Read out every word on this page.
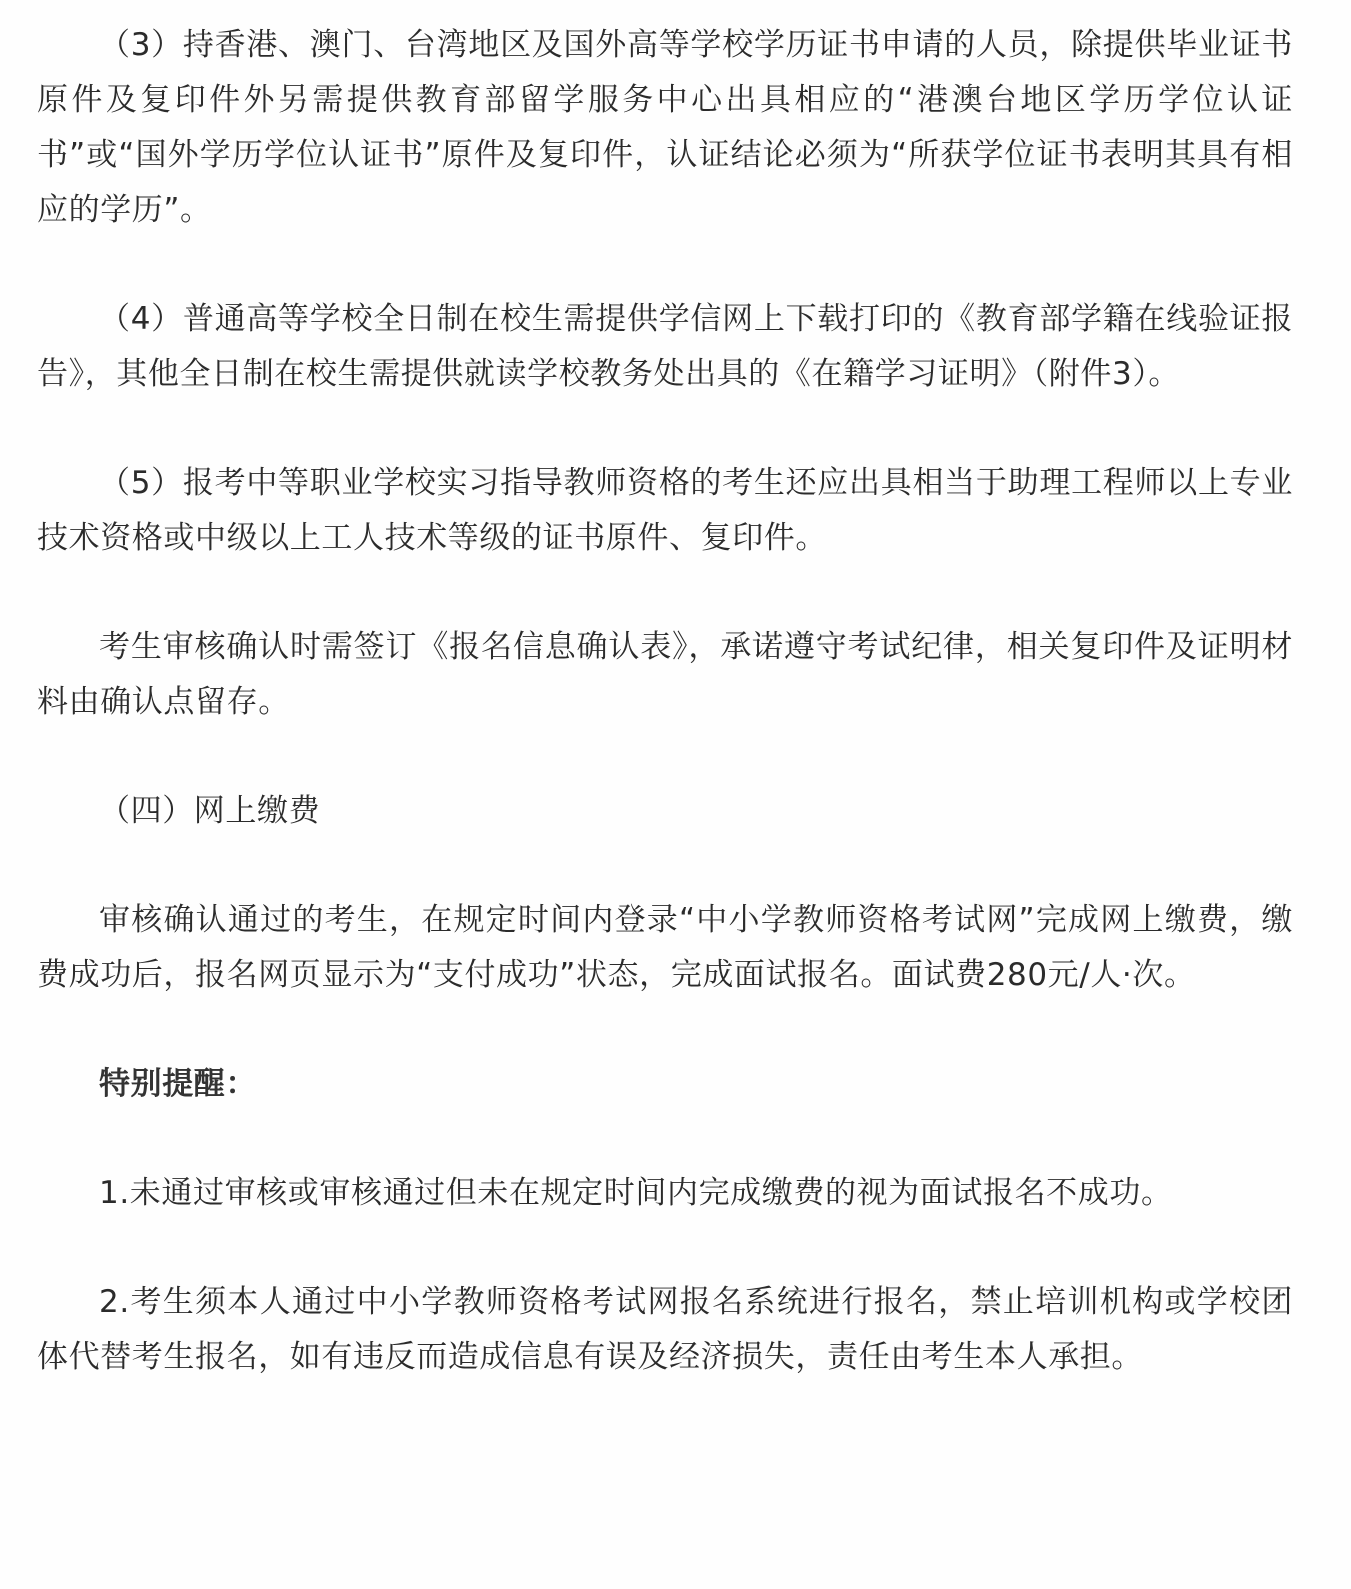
（3）持香港、澳门、台湾地区及国外高等学校学历证书申请的人员，除提供毕业证书原件及复印件外另需提供教育部留学服务中心出具相应的“港澳台地区学历学位认证书”或“国外学历学位认证书”原件及复印件，认证结论必须为“所获学位证书表明其具有相应的学历”。

（4）普通高等学校全日制在校生需提供学信网上下载打印的《教育部学籍在线验证报告》，其他全日制在校生需提供就读学校教务处出具的《在籍学习证明》（附件3）。

（5）报考中等职业学校实习指导教师资格的考生还应出具相当于助理工程师以上专业技术资格或中级以上工人技术等级的证书原件、复印件。

考生审核确认时需签订《报名信息确认表》，承诺遵守考试纪律，相关复印件及证明材料由确认点留存。

（四）网上缴费

审核确认通过的考生，在规定时间内登录“中小学教师资格考试网”完成网上缴费，缴费成功后，报名网页显示为“支付成功”状态，完成面试报名。面试费280元/人·次。

特别提醒：

1.未通过审核或审核通过但未在规定时间内完成缴费的视为面试报名不成功。

2.考生须本人通过中小学教师资格考试网报名系统进行报名，禁止培训机构或学校团体代替考生报名，如有违反而造成信息有误及经济损失，责任由考生本人承担。
